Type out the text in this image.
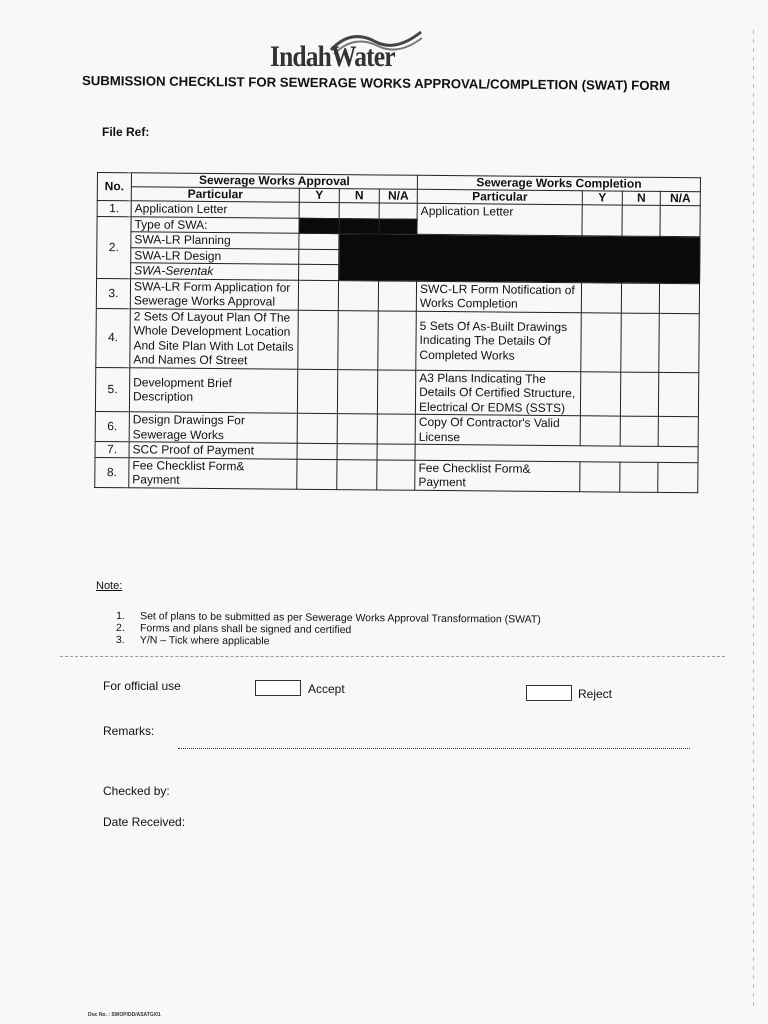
IndahWater
SUBMISSION CHECKLIST FOR SEWERAGE WORKS APPROVAL/COMPLETION (SWAT) FORM
File Ref:
No.	Sewerage Works Approval				Sewerage Works Completion			
	Particular	Y	N	N/A	Particular	Y	N	N/A
1.	Application Letter				Application Letter			
2.	Type of SWA:							
	SWA-LR Planning							
	SWA-LR Design							
	SWA-Serentak							
3.	SWA-LR Form Application for Sewerage Works Approval				SWC-LR Form Notification of Works Completion			
4.	2 Sets Of Layout Plan Of The Whole Development Location And Site Plan With Lot Details And Names Of Street				5 Sets Of As-Built Drawings Indicating The Details Of Completed Works			
5.	Development Brief Description				A3 Plans Indicating The Details Of Certified Structure, Electrical Or EDMS (SSTS)			
6.	Design Drawings For Sewerage Works				Copy Of Contractor's Valid License			
7.	SCC Proof of Payment							
8.	Fee Checklist Form& Payment				Fee Checklist Form& Payment			
Note:
1. Set of plans to be submitted as per Sewerage Works Approval Transformation (SWAT)
2. Forms and plans shall be signed and certified
3. Y/N – Tick where applicable
For official use	Accept	Reject
Remarks:
Checked by:
Date Received:
Doc No. : SWOP/DD/ASATG/01
